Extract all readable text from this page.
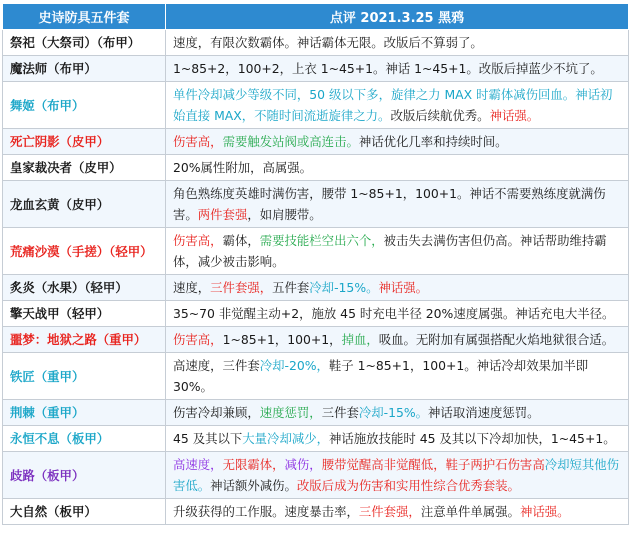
史诗防具五件套	点评 2021.3.25 黑鸦
祭祀（大祭司）（布甲）	速度，有限次数霸体。神话霸体无限。改版后不算弱了。
魔法师（布甲）	1~85+2，100+2，上衣 1~45+1。神话 1~45+1。改版后掉蓝少不坑了。
舞姬（布甲）	单件冷却减少等级不同，50 级以下多，旋律之力 MAX 时霸体减伤回血。神话初始直接 MAX，不随时间流逝旋律之力。改版后续航优秀。神话强。
死亡阴影（皮甲）	伤害高，需要触发站阀或高连击。神话优化几率和持续时间。
皇家裁决者（皮甲）	20%属性附加，高属强。
龙血玄黄（皮甲）	角色熟练度英雄时满伤害，腰带 1~85+1，100+1。神话不需要熟练度就满伤害。两件套强，如肩腰带。
荒痛沙漠（手搓）（轻甲）	伤害高，霸体，需要技能栏空出六个，被击失去满伤害但仍高。神话帮助维持霸体，减少被击影响。
炙炎（水果）（轻甲）	速度，三件套强，五件套冷却-15%。神话强。
擎天战甲（轻甲）	35~70 非觉醒主动+2，施放 45 时充电半径 20%速度属强。神话充电大半径。
噩梦：地狱之路（重甲）	伤害高，1~85+1，100+1，掉血，吸血。无附加有属强搭配火焰地狱很合适。
铁匠（重甲）	高速度，三件套冷却-20%，鞋子 1~85+1，100+1。神话冷却效果加半即 30%。
荆棘（重甲）	伤害冷却兼顾，速度惩罚，三件套冷却-15%。神话取消速度惩罚。
永恒不息（板甲）	45 及其以下大量冷却减少，神话施放技能时 45 及其以下冷却加快，1~45+1。
歧路（板甲）	高速度，无限霸体，减伤，腰带觉醒高非觉醒低，鞋子两护石伤害高冷却短其他伤害低。神话额外减伤。改版后成为伤害和实用性综合优秀套装。
大自然（板甲）	升级获得的工作服。速度暴击率，三件套强，注意单件单属强。神话强。
